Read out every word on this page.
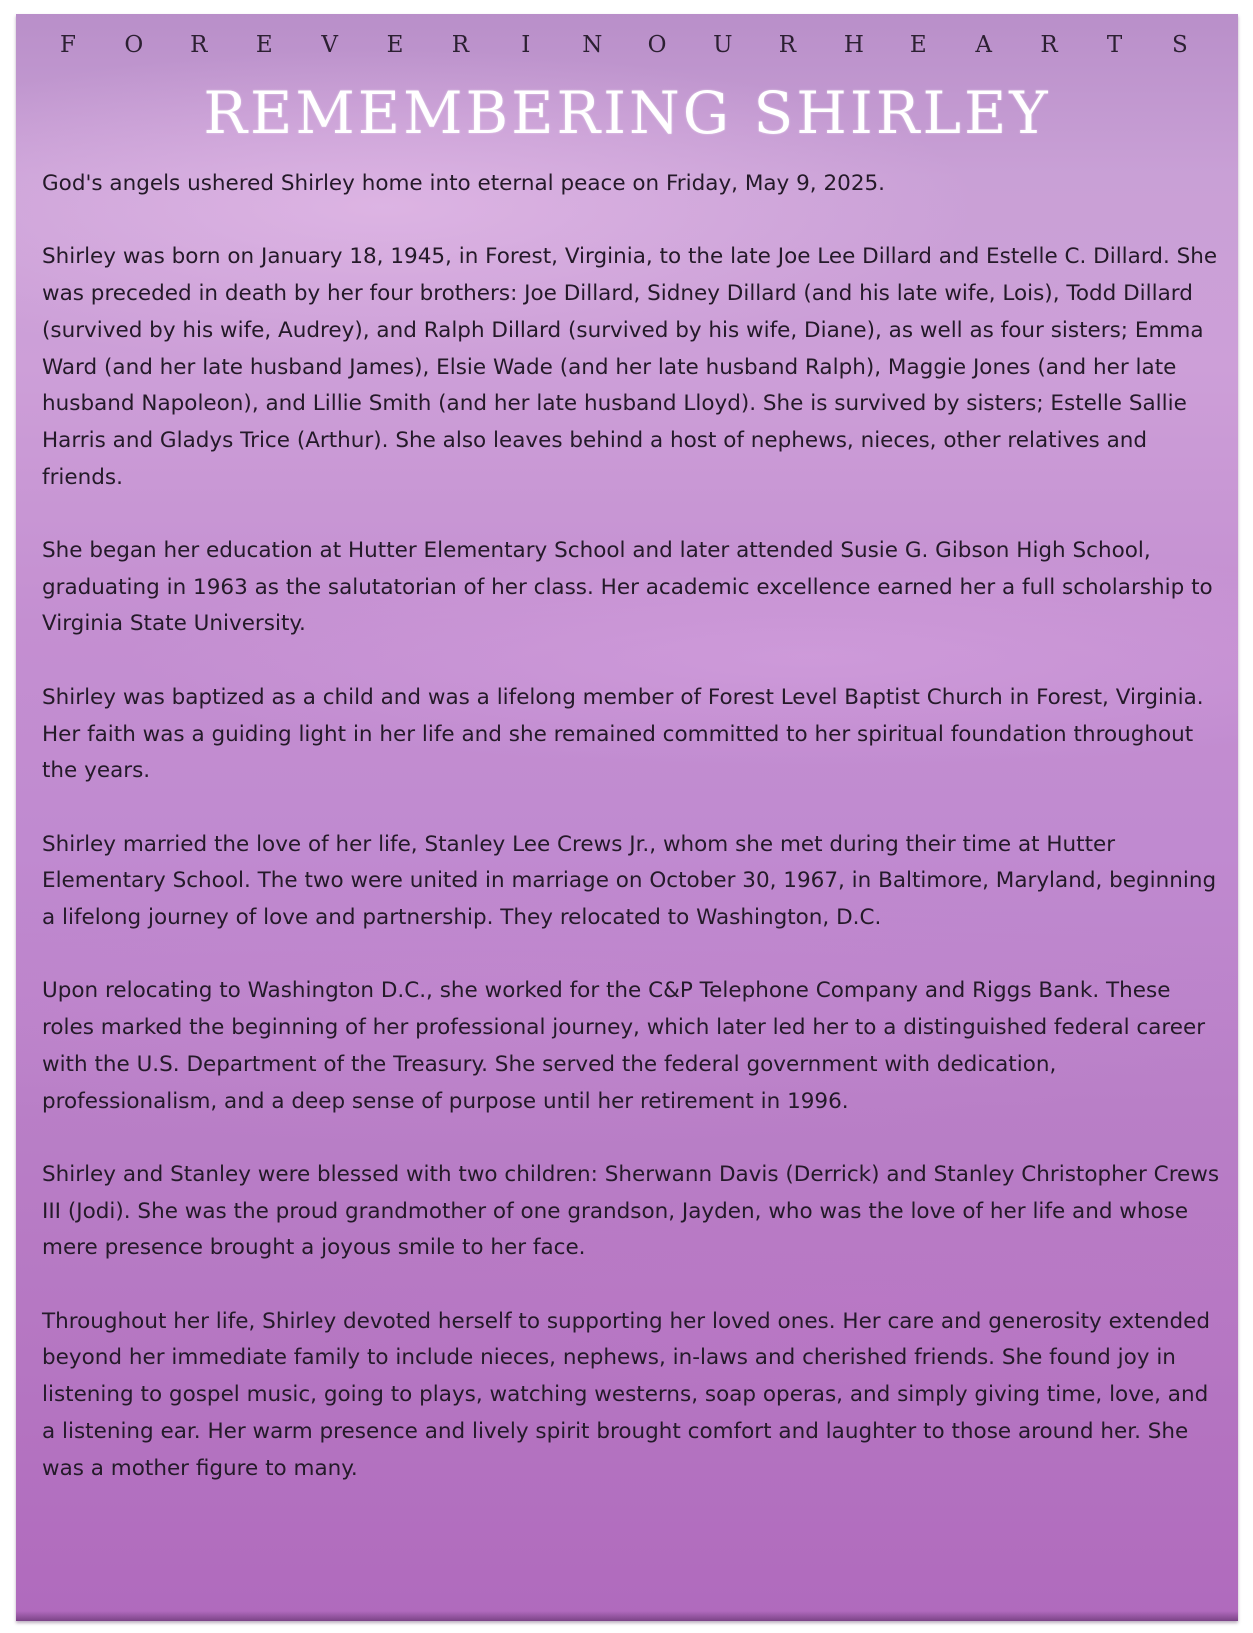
F O R E V E R I N O U R H E A R T S
REMEMBERING SHIRLEY

God's angels ushered Shirley home into eternal peace on Friday, May 9, 2025.

Shirley was born on January 18, 1945, in Forest, Virginia, to the late Joe Lee Dillard and Estelle C. Dillard. She was preceded in death by her four brothers: Joe Dillard, Sidney Dillard (and his late wife, Lois), Todd Dillard (survived by his wife, Audrey), and Ralph Dillard (survived by his wife, Diane), as well as four sisters; Emma Ward (and her late husband James), Elsie Wade (and her late husband Ralph), Maggie Jones (and her late husband Napoleon), and Lillie Smith (and her late husband Lloyd). She is survived by sisters; Estelle Sallie Harris and Gladys Trice (Arthur). She also leaves behind a host of nephews, nieces, other relatives and friends.

She began her education at Hutter Elementary School and later attended Susie G. Gibson High School, graduating in 1963 as the salutatorian of her class. Her academic excellence earned her a full scholarship to Virginia State University.

Shirley was baptized as a child and was a lifelong member of Forest Level Baptist Church in Forest, Virginia. Her faith was a guiding light in her life and she remained committed to her spiritual foundation throughout the years.

Shirley married the love of her life, Stanley Lee Crews Jr., whom she met during their time at Hutter Elementary School. The two were united in marriage on October 30, 1967, in Baltimore, Maryland, beginning a lifelong journey of love and partnership. They relocated to Washington, D.C.

Upon relocating to Washington D.C., she worked for the C&P Telephone Company and Riggs Bank. These roles marked the beginning of her professional journey, which later led her to a distinguished federal career with the U.S. Department of the Treasury. She served the federal government with dedication, professionalism, and a deep sense of purpose until her retirement in 1996.

Shirley and Stanley were blessed with two children: Sherwann Davis (Derrick) and Stanley Christopher Crews III (Jodi). She was the proud grandmother of one grandson, Jayden, who was the love of her life and whose mere presence brought a joyous smile to her face.

Throughout her life, Shirley devoted herself to supporting her loved ones. Her care and generosity extended beyond her immediate family to include nieces, nephews, in-laws and cherished friends. She found joy in listening to gospel music, going to plays, watching westerns, soap operas, and simply giving time, love, and a listening ear. Her warm presence and lively spirit brought comfort and laughter to those around her. She was a mother figure to many.
